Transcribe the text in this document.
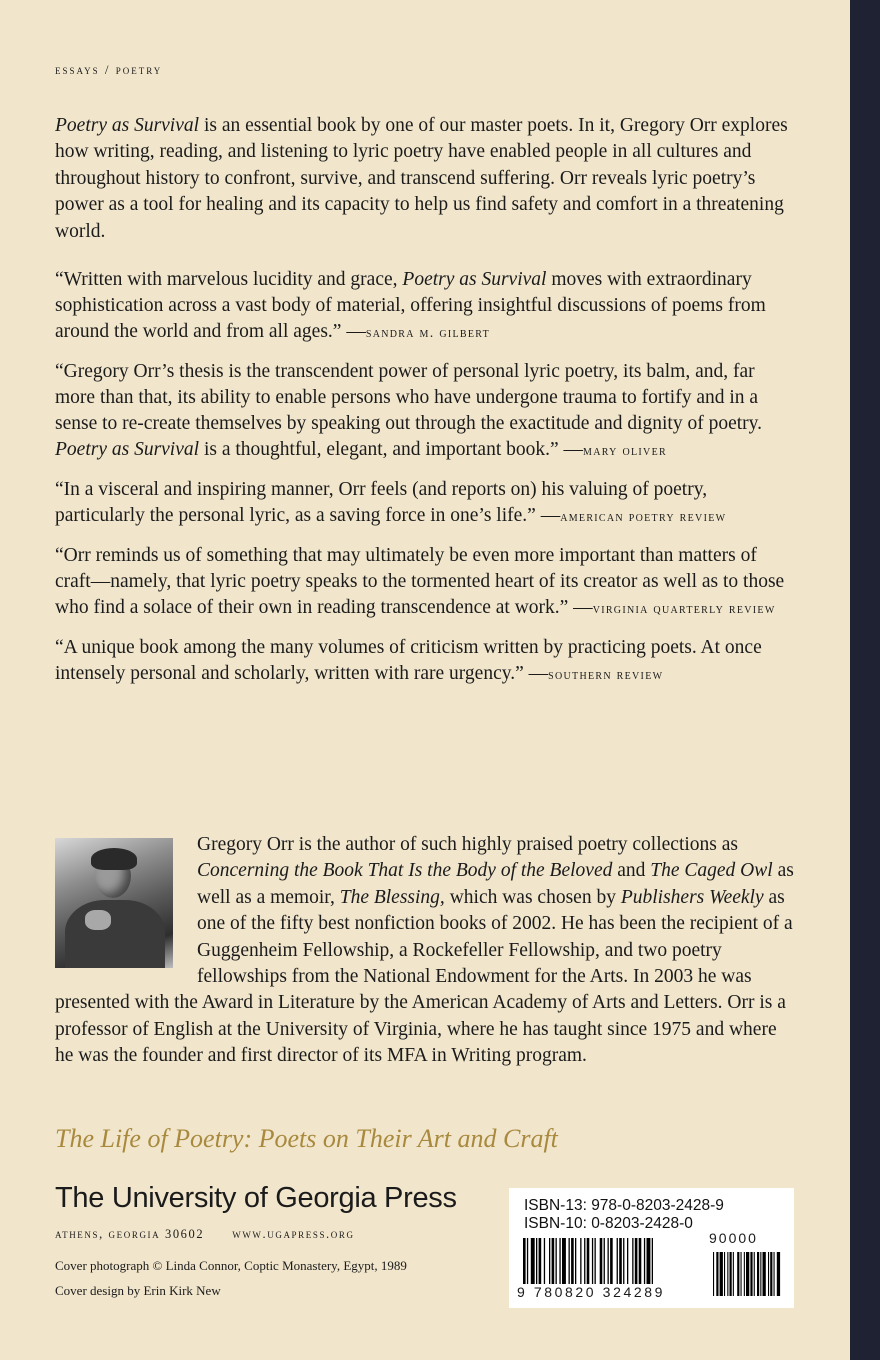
essays / poetry
Poetry as Survival is an essential book by one of our master poets. In it, Gregory Orr explores how writing, reading, and listening to lyric poetry have enabled people in all cultures and throughout history to confront, survive, and transcend suffering. Orr reveals lyric poetry’s power as a tool for healing and its capacity to help us find safety and comfort in a threatening world.

“Written with marvelous lucidity and grace, Poetry as Survival moves with extraordinary sophistication across a vast body of material, offering insightful discussions of poems from around the world and from all ages.” —sandra m. gilbert

“Gregory Orr’s thesis is the transcendent power of personal lyric poetry, its balm, and, far more than that, its ability to enable persons who have undergone trauma to fortify and in a sense to re-create themselves by speaking out through the exactitude and dignity of poetry. Poetry as Survival is a thoughtful, elegant, and important book.” —mary oliver

“In a visceral and inspiring manner, Orr feels (and reports on) his valuing of poetry, particularly the personal lyric, as a saving force in one’s life.” —american poetry review

“Orr reminds us of something that may ultimately be even more important than matters of craft—namely, that lyric poetry speaks to the tormented heart of its creator as well as to those who find a solace of their own in reading transcendence at work.” —virginia quarterly review

“A unique book among the many volumes of criticism written by practicing poets. At once intensely personal and scholarly, written with rare urgency.” —southern review

Gregory Orr is the author of such highly praised poetry collections as Concerning the Book That Is the Body of the Beloved and The Caged Owl as well as a memoir, The Blessing, which was chosen by Publishers Weekly as one of the fifty best nonfiction books of 2002. He has been the recipient of a Guggenheim Fellowship, a Rockefeller Fellowship, and two poetry fellowships from the National Endowment for the Arts. In 2003 he was presented with the Award in Literature by the American Academy of Arts and Letters. Orr is a professor of English at the University of Virginia, where he has taught since 1975 and where he was the founder and first director of its MFA in Writing program.
The Life of Poetry: Poets on Their Art and Craft
The University of Georgia Press
athens, georgia 30602 www.ugapress.org
Cover photograph © Linda Connor, Coptic Monastery, Egypt, 1989
Cover design by Erin Kirk New
ISBN-13: 978-0-8203-2428-9
ISBN-10: 0-8203-2428-0
90000
9 780820 324289
